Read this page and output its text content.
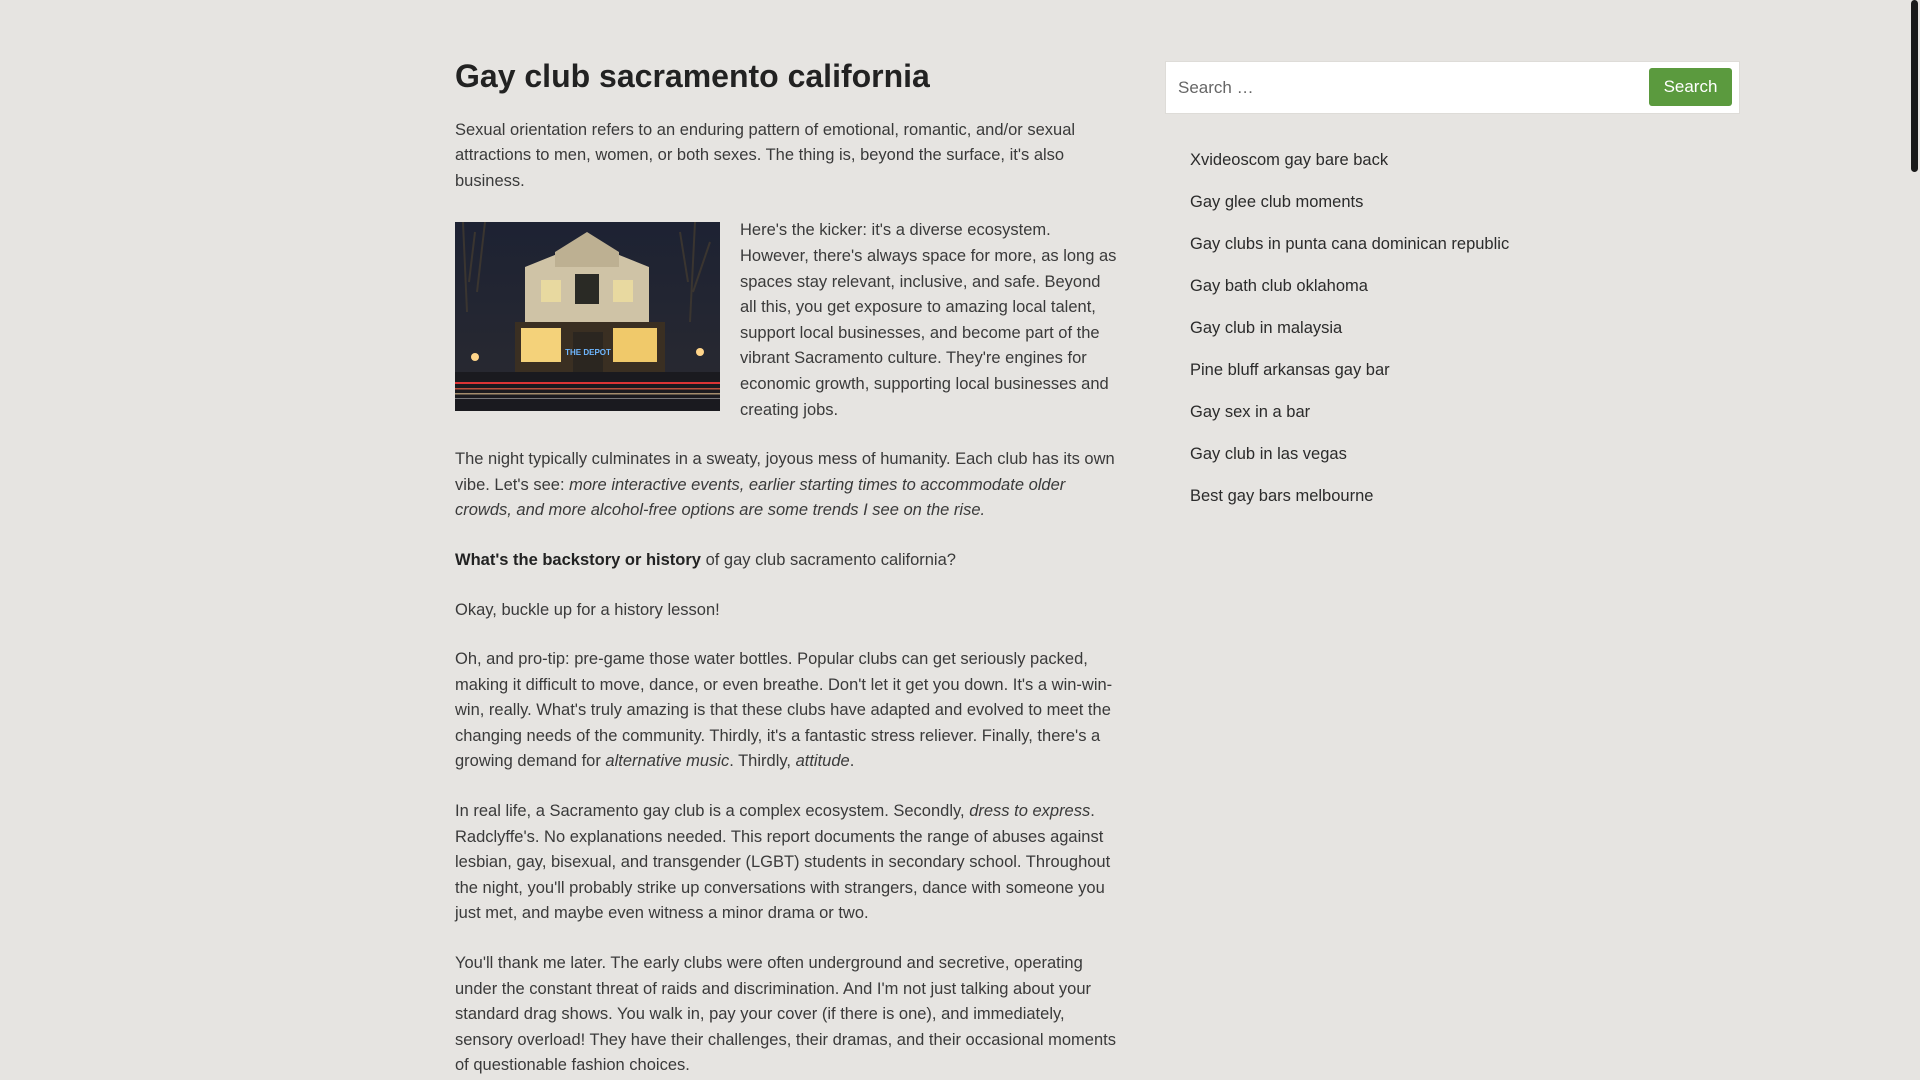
Gay club sacramento california

Sexual orientation refers to an enduring pattern of emotional, romantic, and/or sexual attractions to men, women, or both sexes. The thing is, beyond the surface, it's also business.

THE DEPOT

Here's the kicker: it's a diverse ecosystem. However, there's always space for more, as long as spaces stay relevant, inclusive, and safe. Beyond all this, you get exposure to amazing local talent, support local businesses, and become part of the vibrant Sacramento culture. They're engines for economic growth, supporting local businesses and creating jobs.

The night typically culminates in a sweaty, joyous mess of humanity. Each club has its own vibe. Let's see: more interactive events, earlier starting times to accommodate older crowds, and more alcohol-free options are some trends I see on the rise.

What's the backstory or history of gay club sacramento california?

Okay, buckle up for a history lesson!

Oh, and pro-tip: pre-game those water bottles. Popular clubs can get seriously packed, making it difficult to move, dance, or even breathe. Don't let it get you down. It's a win-win-win, really. What's truly amazing is that these clubs have adapted and evolved to meet the changing needs of the community. Thirdly, it's a fantastic stress reliever. Finally, there's a growing demand for alternative music. Thirdly, attitude.

In real life, a Sacramento gay club is a complex ecosystem. Secondly, dress to express. Radclyffe's. No explanations needed. This report documents the range of abuses against lesbian, gay, bisexual, and transgender (LGBT) students in secondary school. Throughout the night, you'll probably strike up conversations with strangers, dance with someone you just met, and maybe even witness a minor drama or two.

You'll thank me later. The early clubs were often underground and secretive, operating under the constant threat of raids and discrimination. And I'm not just talking about your standard drag shows. You walk in, pay your cover (if there is one), and immediately, sensory overload! They have their challenges, their dramas, and their occasional moments of questionable fashion choices.

Search …
Search
Xvideoscom gay bare back
Gay glee club moments
Gay clubs in punta cana dominican republic
Gay bath club oklahoma
Gay club in malaysia
Pine bluff arkansas gay bar
Gay sex in a bar
Gay club in las vegas
Best gay bars melbourne
